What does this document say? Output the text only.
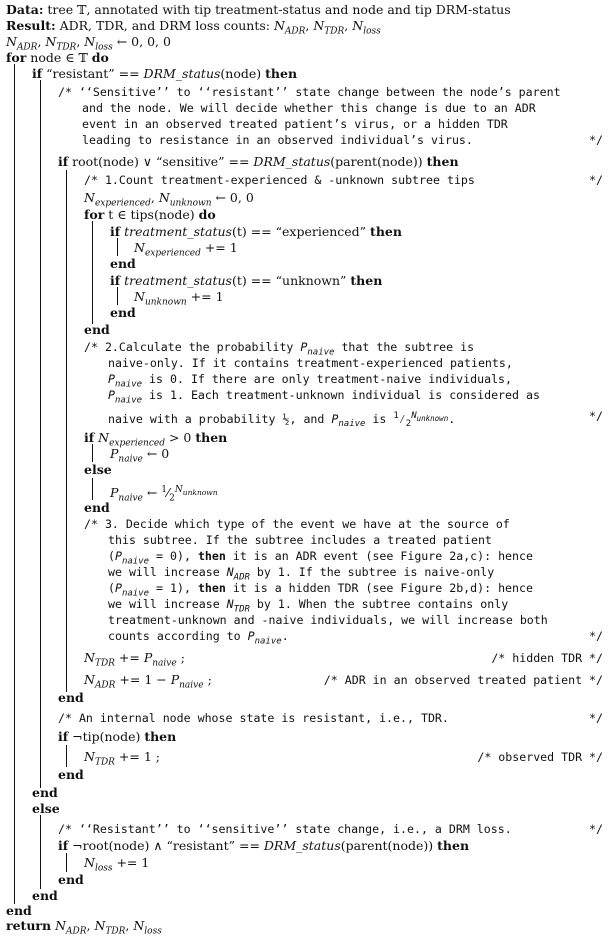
Data: tree 𝕋, annotated with tip treatment-status and node and tip DRM-status
Result: ADR, TDR, and DRM loss counts: $N_{ADR}$, $N_{TDR}$, $N_{loss}$
$N_{ADR}$, $N_{TDR}$, $N_{loss}$ ← 0, 0, 0
for node ∈ 𝕋 do
if “resistant” == DRM_status(node) then
/* ‘‘Sensitive’’ to ‘‘resistant’’ state change between the node’s parent
and the node. We will decide whether this change is due to an ADR
event in an observed treated patient’s virus, or a hidden TDR
leading to resistance in an observed individual’s virus.
if root(node) ∨ “sensitive” == DRM_status(parent(node)) then
/* 1.Count treatment-experienced & -unknown subtree tips
$N_{experienced}$, $N_{unknown}$ ← 0, 0
for t ∈ tips(node) do
if treatment_status(t) == “experienced” then
$N_{experienced} += 1$
end
if treatment_status(t) == “unknown” then
$N_{unknown} += 1$
end
end
/* 2.Calculate the probability $P_{naive}$ that the subtree is
naive-only. If it contains treatment-experienced patients,
$P_{naive}$ is 0. If there are only treatment-naive individuals,
$P_{naive}$ is 1. Each treatment-unknown individual is considered as
naive with a probability ½, and $P_{naive}$ is $^1⁄_2^{N_{unknown}}$.
if $N_{experienced} > 0$ then
$P_{naive}$ ← 0
else
$P_{naive}$ ← $^1⁄_2^{N_{unknown}}$
end
/* 3. Decide which type of the event we have at the source of
this subtree. If the subtree includes a treated patient
$(P_{naive} = 0)$, then it is an ADR event (see Figure 2a,c): hence
we will increase $N_{ADR}$ by 1. If the subtree is naive-only
$(P_{naive} = 1)$, then it is a hidden TDR (see Figure 2b,d): hence
we will increase $N_{TDR}$ by 1. When the subtree contains only
treatment-unknown and -naive individuals, we will increase both
counts according to $P_{naive}$.
$N_{TDR} += P_{naive}$ ;
$N_{ADR} += 1 - P_{naive}$ ;
end
/* An internal node whose state is resistant, i.e., TDR.
if ¬tip(node) then
$N_{TDR} += 1$ ;
end
end
else
/* ‘‘Resistant’’ to ‘‘sensitive’’ state change, i.e., a DRM loss.
if ¬root(node) ∧ “resistant” == DRM_status(parent(node)) then
$N_{loss} += 1$
end
end
end
return $N_{ADR}$, $N_{TDR}$, $N_{loss}$
*/
*/
*/
*/
/* hidden TDR */
/* ADR in an observed treated patient */
*/
/* observed TDR */
*/
